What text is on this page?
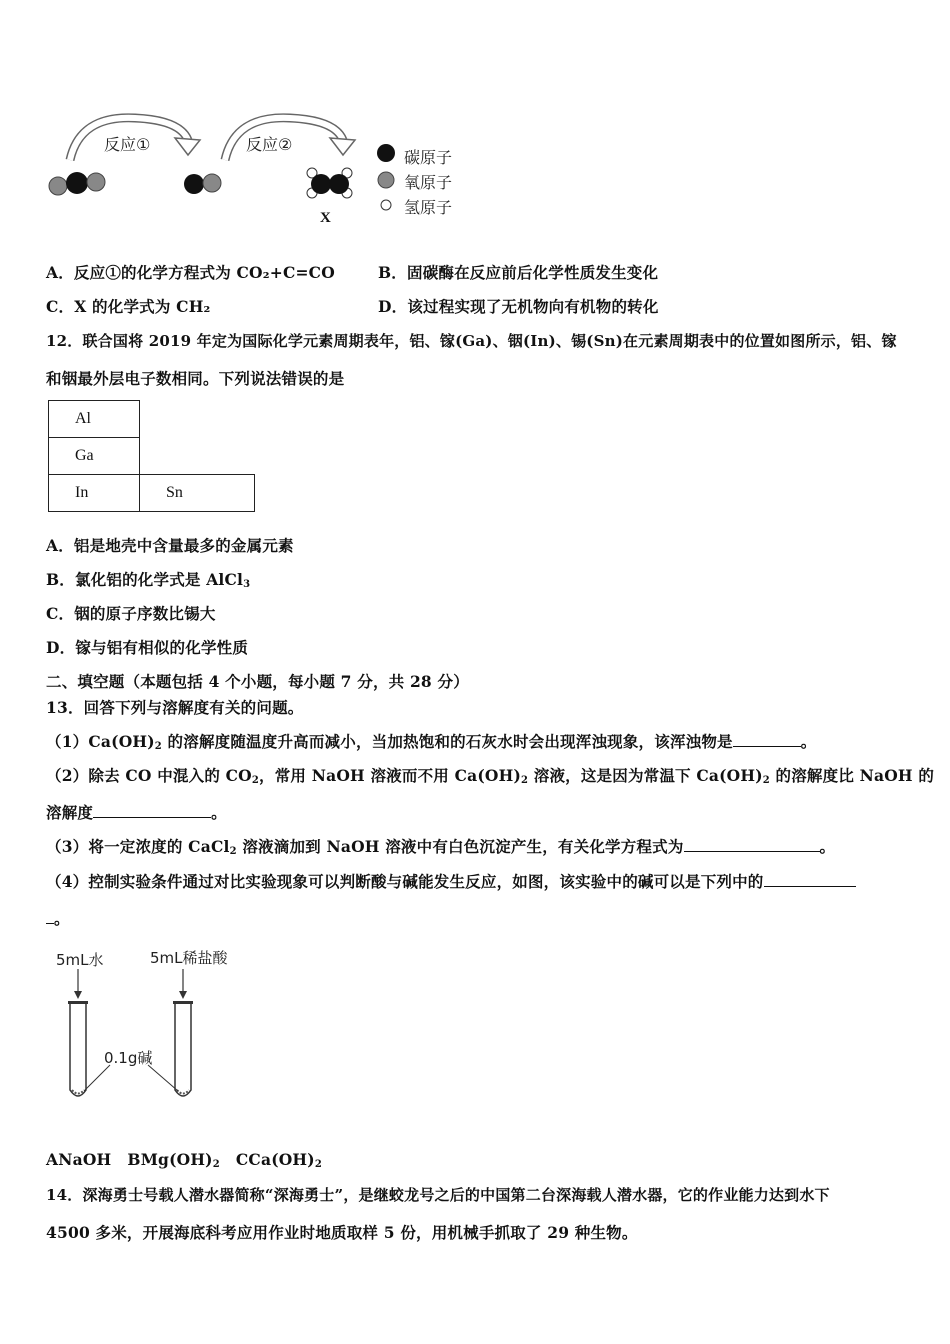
反应①	反应②
X
碳原子
氧原子
氢原子
A．反应①的化学方程式为 CO₂+C=CO	B．固碳酶在反应前后化学性质发生变化
C．X 的化学式为 CH₂	D．该过程实现了无机物向有机物的转化
12．联合国将 2019 年定为国际化学元素周期表年，铝、镓(Ga)、铟(In)、锡(Sn)在元素周期表中的位置如图所示，铝、镓
和铟最外层电子数相同。下列说法错误的是
Al	
Ga	
In	Sn
A．铝是地壳中含量最多的金属元素
B．氯化铝的化学式是 AlCl$_3$
C．铟的原子序数比锡大
D．镓与铝有相似的化学性质
二、填空题（本题包括 4 个小题，每小题 7 分，共 28 分）
13．回答下列与溶解度有关的问题。
$(1)Ca(OH)_2$ 的溶解度随温度升高而减小，当加热饱和的石灰水时会出现浑浊现象，该浑浊物是	。
（2）除去 CO 中混入的 $CO_2$，常用 NaOH 溶液而不用 $Ca(OH)_2$ 溶液，这是因为常温下 $Ca(OH)_2$ 的溶解度比 NaOH 的
溶解度	。
（3）将一定浓度的 CaCl$_2$ 溶液滴加到 NaOH 溶液中有白色沉淀产生，有关化学方程式为	。
（4）控制实验条件通过对比实验现象可以判断酸与碱能发生反应，如图，该实验中的碱可以是下列中的
。
5mL水	5mL稀盐酸
0.1g碱
ANaOH $BMg(OH)_2$ $CCa(OH)_2$
14．深海勇士号载人潜水器简称“深海勇士”，是继蛟龙号之后的中国第二台深海载人潜水器，它的作业能力达到水下
4500 多米，开展海底科考应用作业时地质取样 5 份，用机械手抓取了 29 种生物。
